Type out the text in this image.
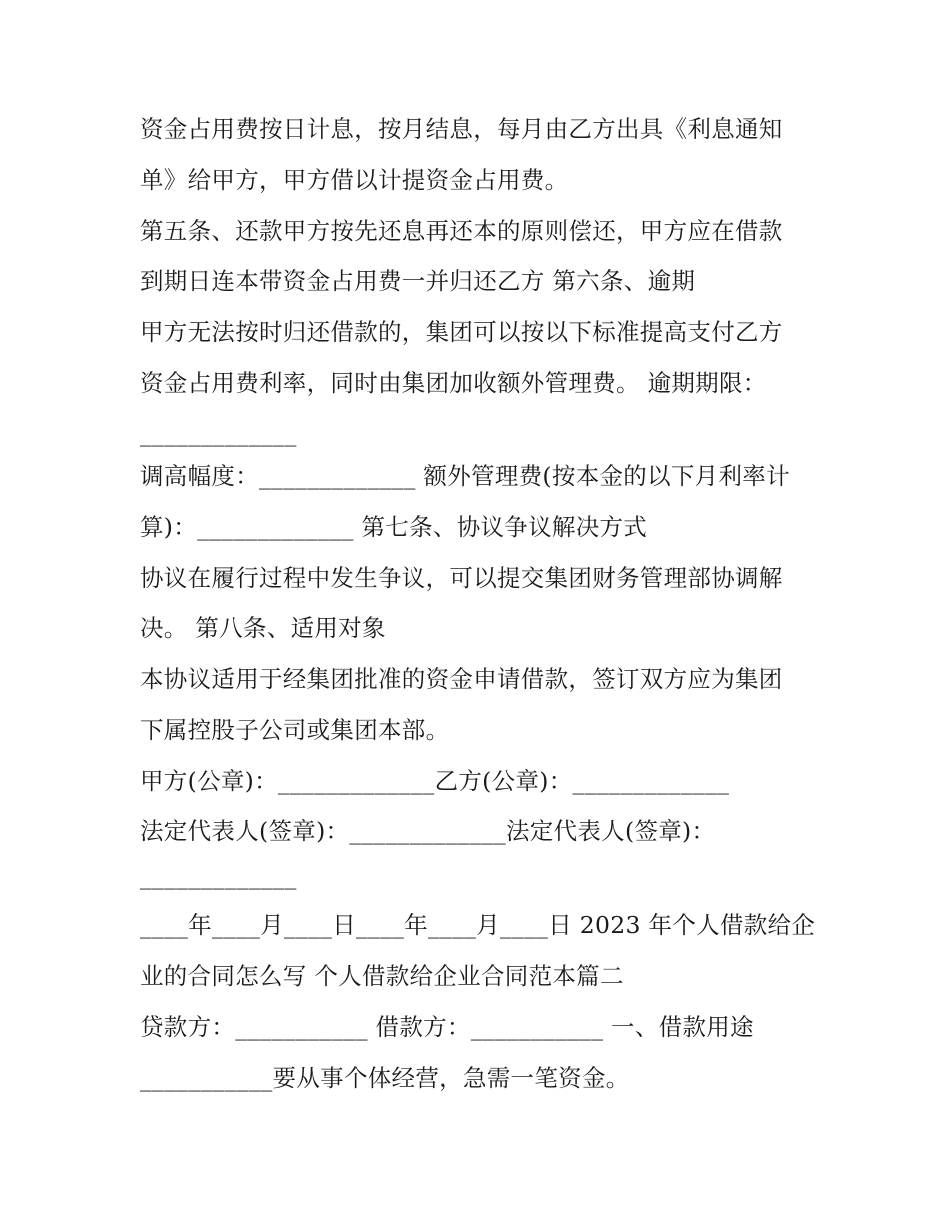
资金占用费按日计息，按月结息，每月由乙方出具《利息通知

单》给甲方，甲方借以计提资金占用费。

第五条、还款甲方按先还息再还本的原则偿还，甲方应在借款

到期日连本带资金占用费一并归还乙方 第六条、逾期

甲方无法按时归还借款的，集团可以按以下标准提高支付乙方

资金占用费利率，同时由集团加收额外管理费。 逾期期限：

_____________

调高幅度：_____________ 额外管理费(按本金的以下月利率计

算)：_____________ 第七条、协议争议解决方式

协议在履行过程中发生争议，可以提交集团财务管理部协调解

决。 第八条、适用对象

本协议适用于经集团批准的资金申请借款，签订双方应为集团

下属控股子公司或集团本部。

甲方(公章)：_____________乙方(公章)：_____________

法定代表人(签章)：_____________法定代表人(签章)：

_____________

____年____月____日____年____月____日 2023 年个人借款给企

业的合同怎么写 个人借款给企业合同范本篇二

贷款方：___________ 借款方：___________ 一、借款用途

___________要从事个体经营，急需一笔资金。
